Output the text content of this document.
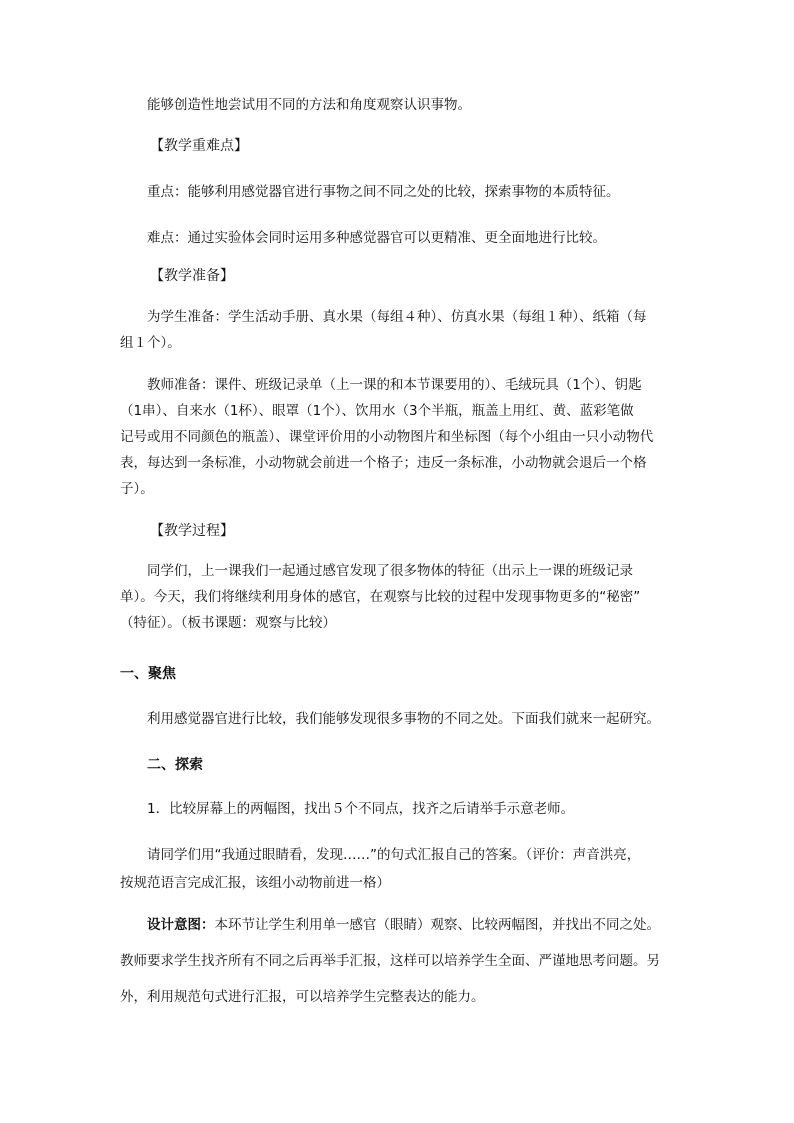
能够创造性地尝试用不同的方法和角度观察认识事物。
【教学重难点】
重点：能够利用感觉器官进行事物之间不同之处的比较，探索事物的本质特征。
难点：通过实验体会同时运用多种感觉器官可以更精准、更全面地进行比较。
【教学准备】
为学生准备：学生活动手册、真水果（每组４种）、仿真水果（每组１种）、纸箱（每
组１个）。
教师准备：课件、班级记录单（上一课的和本节课要用的）、毛绒玩具（1个）、钥匙
（1串）、自来水（1杯）、眼罩（1个）、饮用水（3个半瓶，瓶盖上用红、黄、蓝彩笔做
记号或用不同颜色的瓶盖）、课堂评价用的小动物图片和坐标图（每个小组由一只小动物代
表，每达到一条标准，小动物就会前进一个格子；违反一条标准，小动物就会退后一个格
子）。
【教学过程】
同学们，上一课我们一起通过感官发现了很多物体的特征（出示上一课的班级记录
单）。今天，我们将继续利用身体的感官，在观察与比较的过程中发现事物更多的“秘密”
（特征）。（板书课题：观察与比较）
一、聚焦
利用感觉器官进行比较，我们能够发现很多事物的不同之处。下面我们就来一起研究。
二、探索
1．比较屏幕上的两幅图，找出５个不同点，找齐之后请举手示意老师。
请同学们用“我通过眼睛看，发现……”的句式汇报自己的答案。（评价：声音洪亮，
按规范语言完成汇报，该组小动物前进一格）
设计意图：本环节让学生利用单一感官（眼睛）观察、比较两幅图，并找出不同之处。
教师要求学生找齐所有不同之后再举手汇报，这样可以培养学生全面、严谨地思考问题。另
外，利用规范句式进行汇报，可以培养学生完整表达的能力。
